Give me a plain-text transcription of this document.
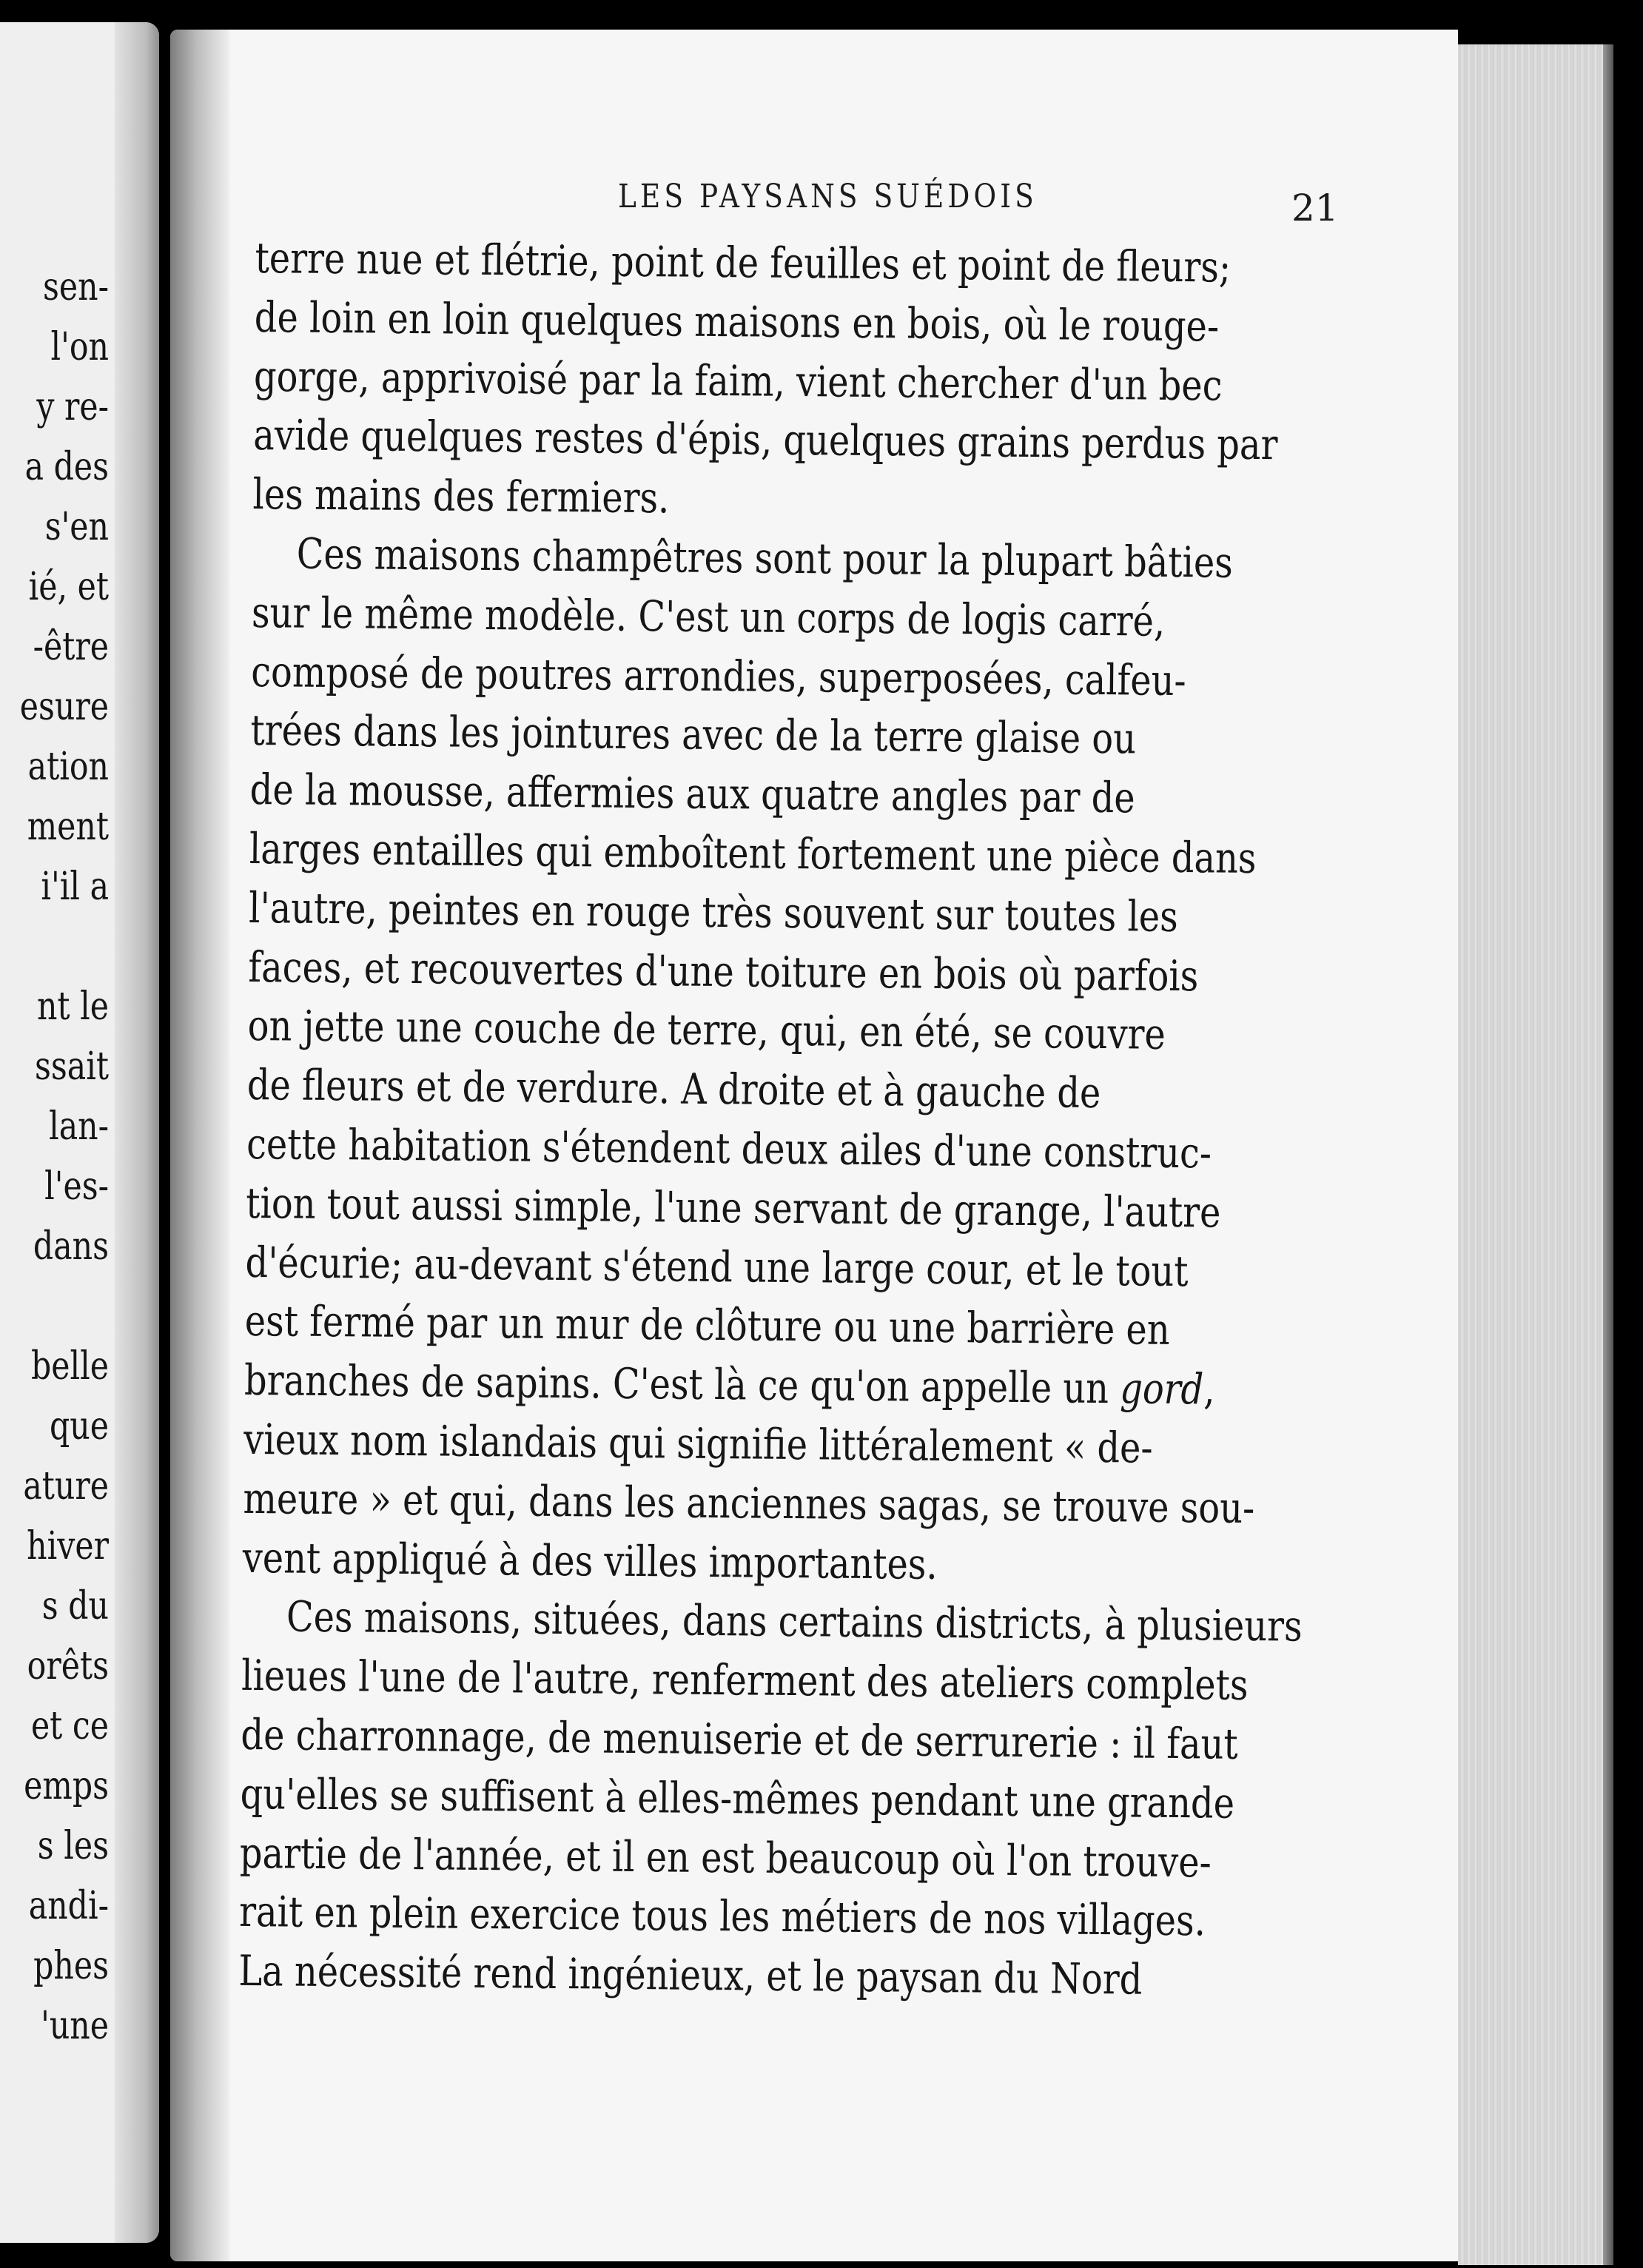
sen-
l'on
y re-
a des
s'en
ié, et
-être
esure
ation
ment
i'il a
nt le
ssait
lan-
l'es-
dans
belle
que
ature
hiver
s du
orêts
et ce
emps
s les
andi-
phes
'une
LES PAYSANS SUÉDOIS	21
terre nue et flétrie, point de feuilles et point de fleurs;
de loin en loin quelques maisons en bois, où le rouge-
gorge, apprivoisé par la faim, vient chercher d'un bec
avide quelques restes d'épis, quelques grains perdus par
les mains des fermiers.
Ces maisons champêtres sont pour la plupart bâties
sur le même modèle. C'est un corps de logis carré,
composé de poutres arrondies, superposées, calfeu-
trées dans les jointures avec de la terre glaise ou
de la mousse, affermies aux quatre angles par de
larges entailles qui emboîtent fortement une pièce dans
l'autre, peintes en rouge très souvent sur toutes les
faces, et recouvertes d'une toiture en bois où parfois
on jette une couche de terre, qui, en été, se couvre
de fleurs et de verdure. A droite et à gauche de
cette habitation s'étendent deux ailes d'une construc-
tion tout aussi simple, l'une servant de grange, l'autre
d'écurie; au-devant s'étend une large cour, et le tout
est fermé par un mur de clôture ou une barrière en
branches de sapins. C'est là ce qu'on appelle un gord,
vieux nom islandais qui signifie littéralement « de-
meure » et qui, dans les anciennes sagas, se trouve sou-
vent appliqué à des villes importantes.
Ces maisons, situées, dans certains districts, à plusieurs
lieues l'une de l'autre, renferment des ateliers complets
de charronnage, de menuiserie et de serrurerie : il faut
qu'elles se suffisent à elles-mêmes pendant une grande
partie de l'année, et il en est beaucoup où l'on trouve-
rait en plein exercice tous les métiers de nos villages.
La nécessité rend ingénieux, et le paysan du Nord
